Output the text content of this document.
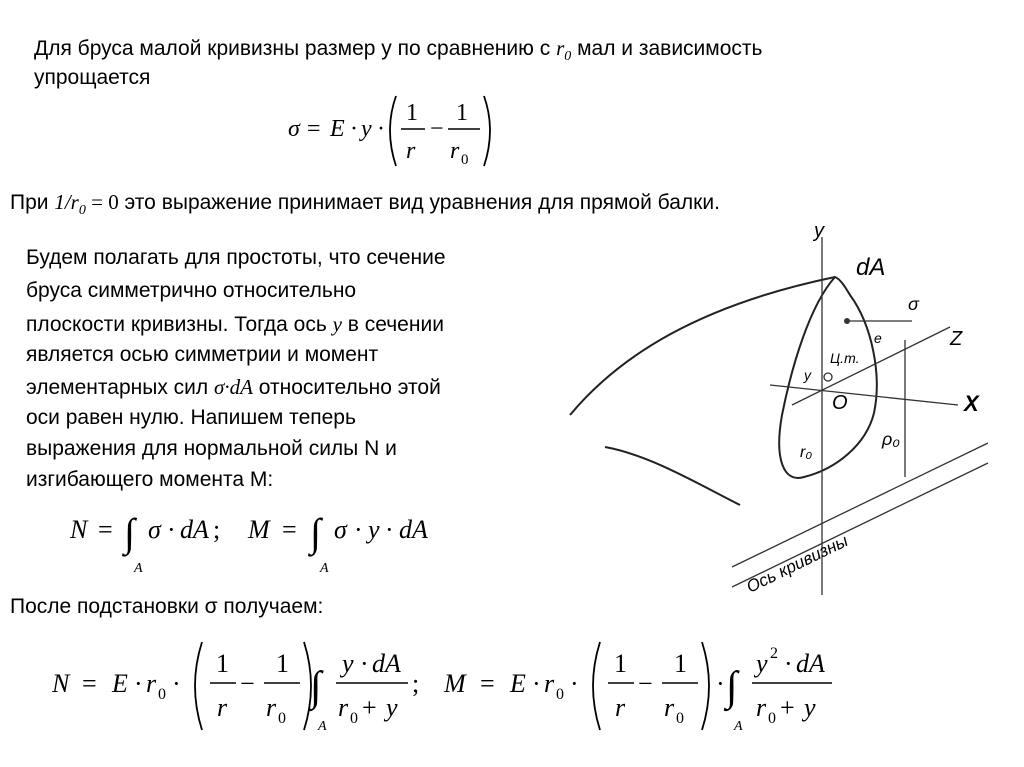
Для бруса малой кривизны размер y по сравнению с $r_0$ мал и зависимость
упрощается
σ = E · y ·
1
r
−
1
r 0
При $1/r_0 = 0$ это выражение принимает вид уравнения для прямой балки.
Будем полагать для простоты, что сечение
бруса симметрично относительно
плоскости кривизны. Тогда ось y в сечении
является осью симметрии и момент
элементарных сил σ·dA относительно этой
оси равен нулю. Напишем теперь
выражения для нормальной силы N и
изгибающего момента M:
N = ∫
A
σ · dA ; M = ∫
A
σ · y · dA
После подстановки σ получаем:
N = E · r 0 ·
1
r
−
1
r 0
∫
A
y · dA
r 0 + y
; M = E · r 0 ·
1
r
−
1
r 0
· ∫
A
y 2 · dA
r 0 + y
y
dA
σ
Z
X
O
Ц.т.
y
e
r₀
ρ₀
Ось кривизны
